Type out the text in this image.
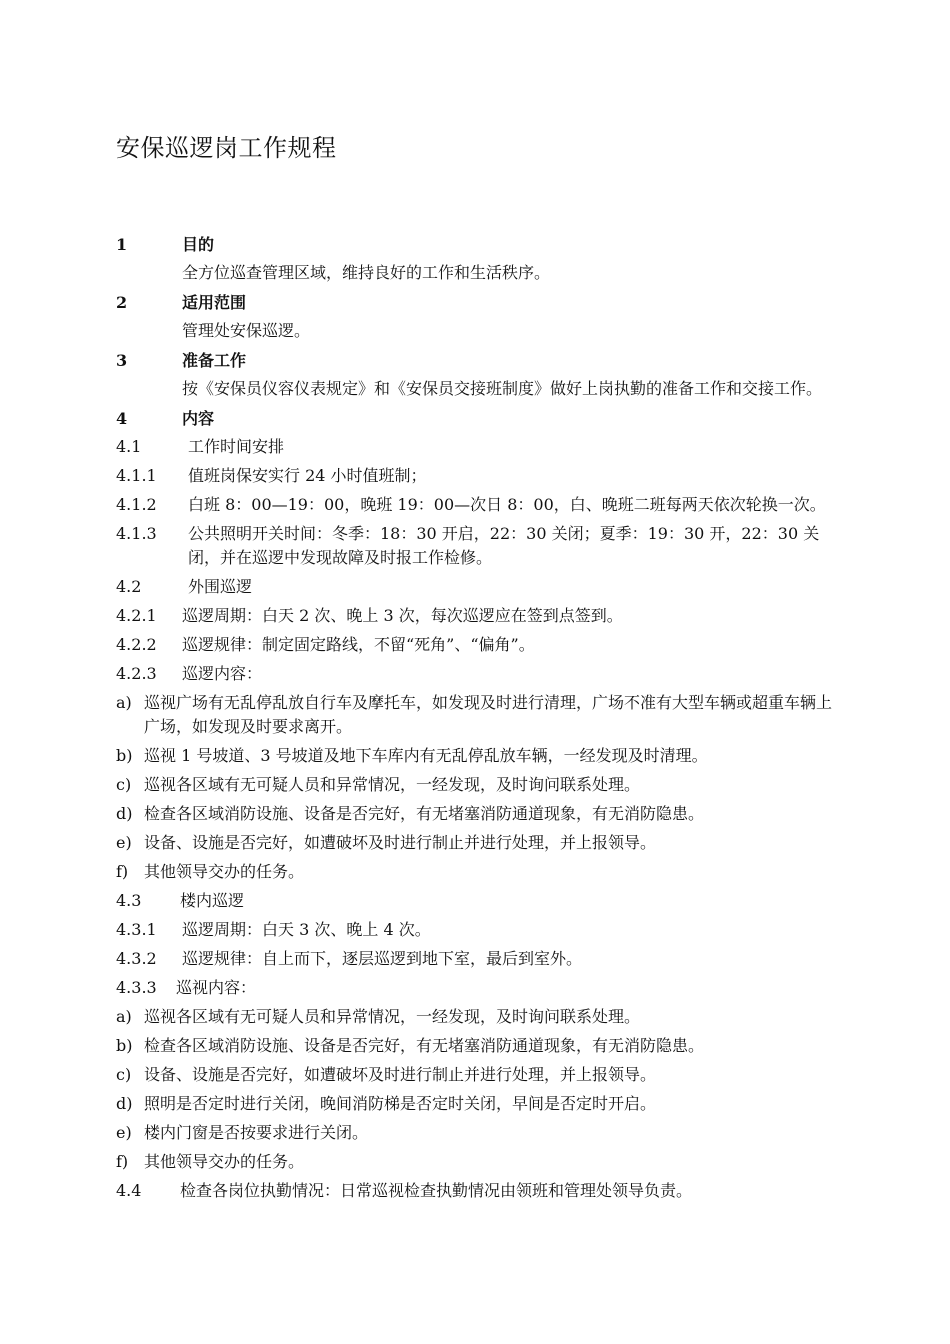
安保巡逻岗工作规程
1	目的
全方位巡查管理区域，维持良好的工作和生活秩序。
2	适用范围
管理处安保巡逻。
3	准备工作
按《安保员仪容仪表规定》和《安保员交接班制度》做好上岗执勤的准备工作和交接工作。
4	内容
4.1	工作时间安排
4.1.1	值班岗保安实行 24 小时值班制；
4.1.2	白班 8：00—19：00，晚班 19：00—次日 8：00，白、晚班二班每两天依次轮换一次。
4.1.3	公共照明开关时间：冬季：18：30 开启，22：30 关闭；夏季：19：30 开，22：30 关闭，并在巡逻中发现故障及时报工作检修。
4.2	外围巡逻
4.2.1	巡逻周期：白天 2 次、晚上 3 次，每次巡逻应在签到点签到。
4.2.2	巡逻规律：制定固定路线，不留“死角”、“偏角”。
4.2.3	巡逻内容：
a) 巡视广场有无乱停乱放自行车及摩托车，如发现及时进行清理，广场不准有大型车辆或超重车辆上广场，如发现及时要求离开。
b) 巡视 1 号坡道、3 号坡道及地下车库内有无乱停乱放车辆，一经发现及时清理。
c) 巡视各区域有无可疑人员和异常情况，一经发现，及时询问联系处理。
d) 检查各区域消防设施、设备是否完好，有无堵塞消防通道现象，有无消防隐患。
e) 设备、设施是否完好，如遭破坏及时进行制止并进行处理，并上报领导。
f) 其他领导交办的任务。
4.3	楼内巡逻
4.3.1	巡逻周期：白天 3 次、晚上 4 次。
4.3.2	巡逻规律：自上而下，逐层巡逻到地下室，最后到室外。
4.3.3	巡视内容：
a) 巡视各区域有无可疑人员和异常情况，一经发现，及时询问联系处理。
b) 检查各区域消防设施、设备是否完好，有无堵塞消防通道现象，有无消防隐患。
c) 设备、设施是否完好，如遭破坏及时进行制止并进行处理，并上报领导。
d) 照明是否定时进行关闭，晚间消防梯是否定时关闭，早间是否定时开启。
e) 楼内门窗是否按要求进行关闭。
f) 其他领导交办的任务。
4.4	检查各岗位执勤情况：日常巡视检查执勤情况由领班和管理处领导负责。
